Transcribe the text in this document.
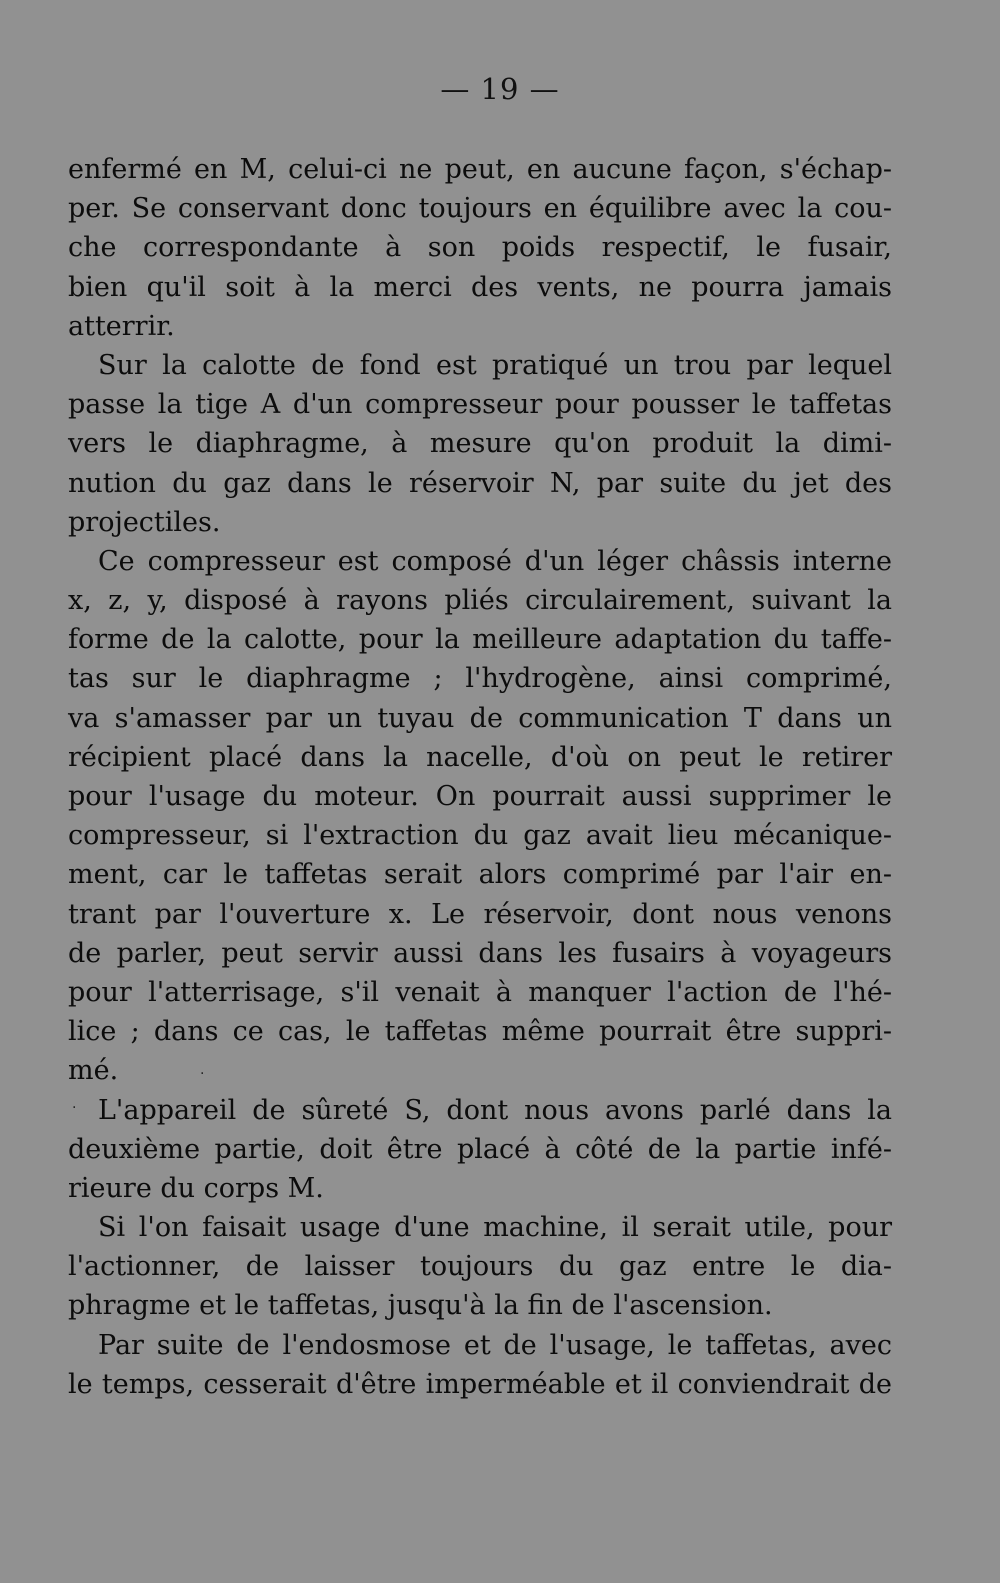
— 19 —
enfermé en M, celui-ci ne peut, en aucune façon, s'échap-
per. Se conservant donc toujours en équilibre avec la cou-
che correspondante à son poids respectif, le fusair,
bien qu'il soit à la merci des vents, ne pourra jamais
atterrir.
Sur la calotte de fond est pratiqué un trou par lequel
passe la tige A d'un compresseur pour pousser le taffetas
vers le diaphragme, à mesure qu'on produit la dimi-
nution du gaz dans le réservoir N, par suite du jet des
projectiles.
Ce compresseur est composé d'un léger châssis interne
x, z, y, disposé à rayons pliés circulairement, suivant la
forme de la calotte, pour la meilleure adaptation du taffe-
tas sur le diaphragme ; l'hydrogène, ainsi comprimé,
va s'amasser par un tuyau de communication T dans un
récipient placé dans la nacelle, d'où on peut le retirer
pour l'usage du moteur. On pourrait aussi supprimer le
compresseur, si l'extraction du gaz avait lieu mécanique-
ment, car le taffetas serait alors comprimé par l'air en-
trant par l'ouverture x. Le réservoir, dont nous venons
de parler, peut servir aussi dans les fusairs à voyageurs
pour l'atterrisage, s'il venait à manquer l'action de l'hé-
lice ; dans ce cas, le taffetas même pourrait être suppri-
mé.
L'appareil de sûreté S, dont nous avons parlé dans la
deuxième partie, doit être placé à côté de la partie infé-
rieure du corps M.
Si l'on faisait usage d'une machine, il serait utile, pour
l'actionner, de laisser toujours du gaz entre le dia-
phragme et le taffetas, jusqu'à la fin de l'ascension.
Par suite de l'endosmose et de l'usage, le taffetas, avec
le temps, cesserait d'être imperméable et il conviendrait de
·
·
